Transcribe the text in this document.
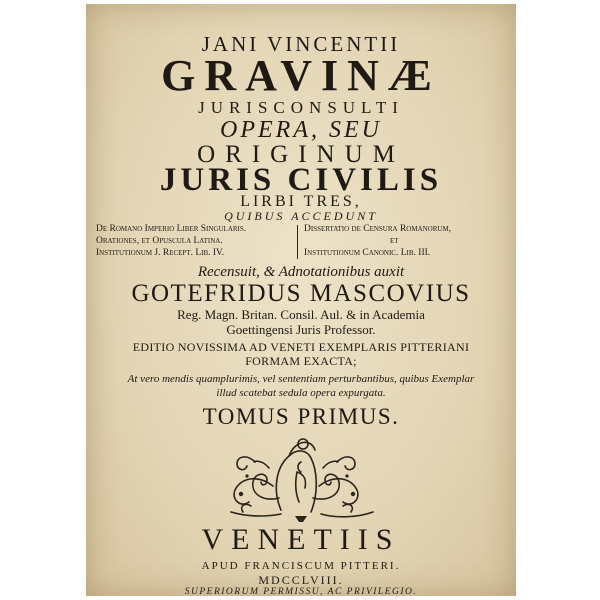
JANI VINCENTII

GRAVINÆ

JURISCONSULTI

OPERA, SEU

ORIGINUM

JURIS CIVILIS

LIRBI TRES,

QUIBUS ACCEDUNT

De Romano Imperio Liber Singularis.
Orationes, et Opuscula Latina.
Institutionum J. Recept. Lib. IV.
Dissertatio de Censura Romanorum,
et
Institutionum Canonic. Lib. III.

Recensuit, & Adnotationibus auxit

GOTEFRIDUS MASCOVIUS

Reg. Magn. Britan. Consil. Aul. & in Academia

Goettingensi Juris Professor.

EDITIO NOVISSIMA AD VENETI EXEMPLARIS PITTERIANI

FORMAM EXACTA;

At vero mendis quamplurimis, vel sententiam perturbantibus, quibus Exemplar

illud scatebat sedula opera expurgata.

TOMUS PRIMUS.

VENETIIS

APUD FRANCISCUM PITTERI.

MDCCLVIII.

SUPERIORUM PERMISSU, AC PRIVILEGIO.
